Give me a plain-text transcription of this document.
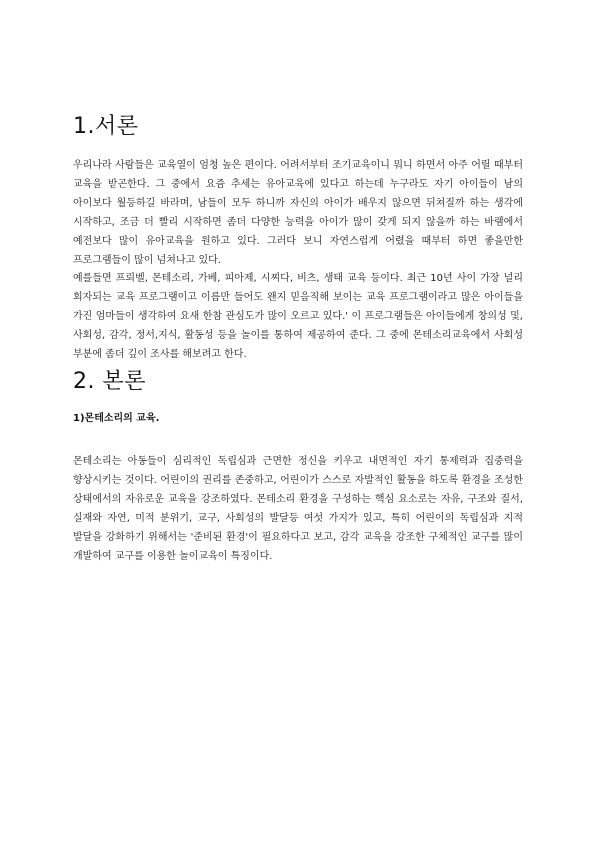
1.서론

우리나라 사람들은 교육열이 엄청 높은 편이다. 어려서부터 조기교육이니 뭐니 하면서 아주 어릴 때부터 교육을 받곤한다. 그 중에서 요즘 추세는 유아교육에 있다고 하는데 누구라도 자기 아이들이 남의 아이보다 월등하길 바라며, 남들이 모두 하니까 자신의 아이가 배우지 않으면 뒤쳐질까 하는 생각에 시작하고, 조금 더 빨리 시작하면 좀더 다양한 능력을 아이가 많이 갖게 되지 않을까 하는 바램에서 예전보다 많이 유아교육을 원하고 있다. 그러다 보니 자연스럽게 어렸을 때부터 하면 좋을만한 프로그램들이 많이 넘쳐나고 있다.

예를들면 프뢰벨, 몬테소리, 가베, 피아제, 시찌다, 비츠, 생태 교육 등이다. 최근 10년 사이 가장 널리 회자되는 교육 프로그램이고 이름만 들어도 왠지 믿음직해 보이는 교육 프로그램이라고 많은 아이들을 가진 엄마들이 생각하여 요새 한참 관심도가 많이 오르고 있다.' 이 프로그램들은 아이들에게 창의성 및, 사회성, 감각, 정서,지식, 활동성 등을 놀이를 통하여 제공하여 준다. 그 중에 몬테소리교육에서 사회성 부분에 좀더 깊이 조사를 해보려고 한다.

2. 본론

1)몬테소리의 교육.

몬테소리는 아동들이 심리적인 독립심과 근면한 정신을 키우고 내면적인 자기 통제력과 집중력을 향상시키는 것이다. 어린이의 권리를 존중하고, 어린이가 스스로 자발적인 활동을 하도록 환경을 조성한 상태에서의 자유로운 교육을 강조하였다. 몬테소리 환경을 구성하는 핵심 요소로는 자유, 구조와 질서, 실재와 자연, 미적 분위기, 교구, 사회성의 발달등 여섯 가지가 있고, 특히 어린이의 독립심과 지적 발달을 강화하기 위해서는 '준비된 환경'이 필요하다고 보고, 감각 교육을 강조한 구체적인 교구를 많이 개발하여 교구를 이용한 놀이교육이 특징이다.
